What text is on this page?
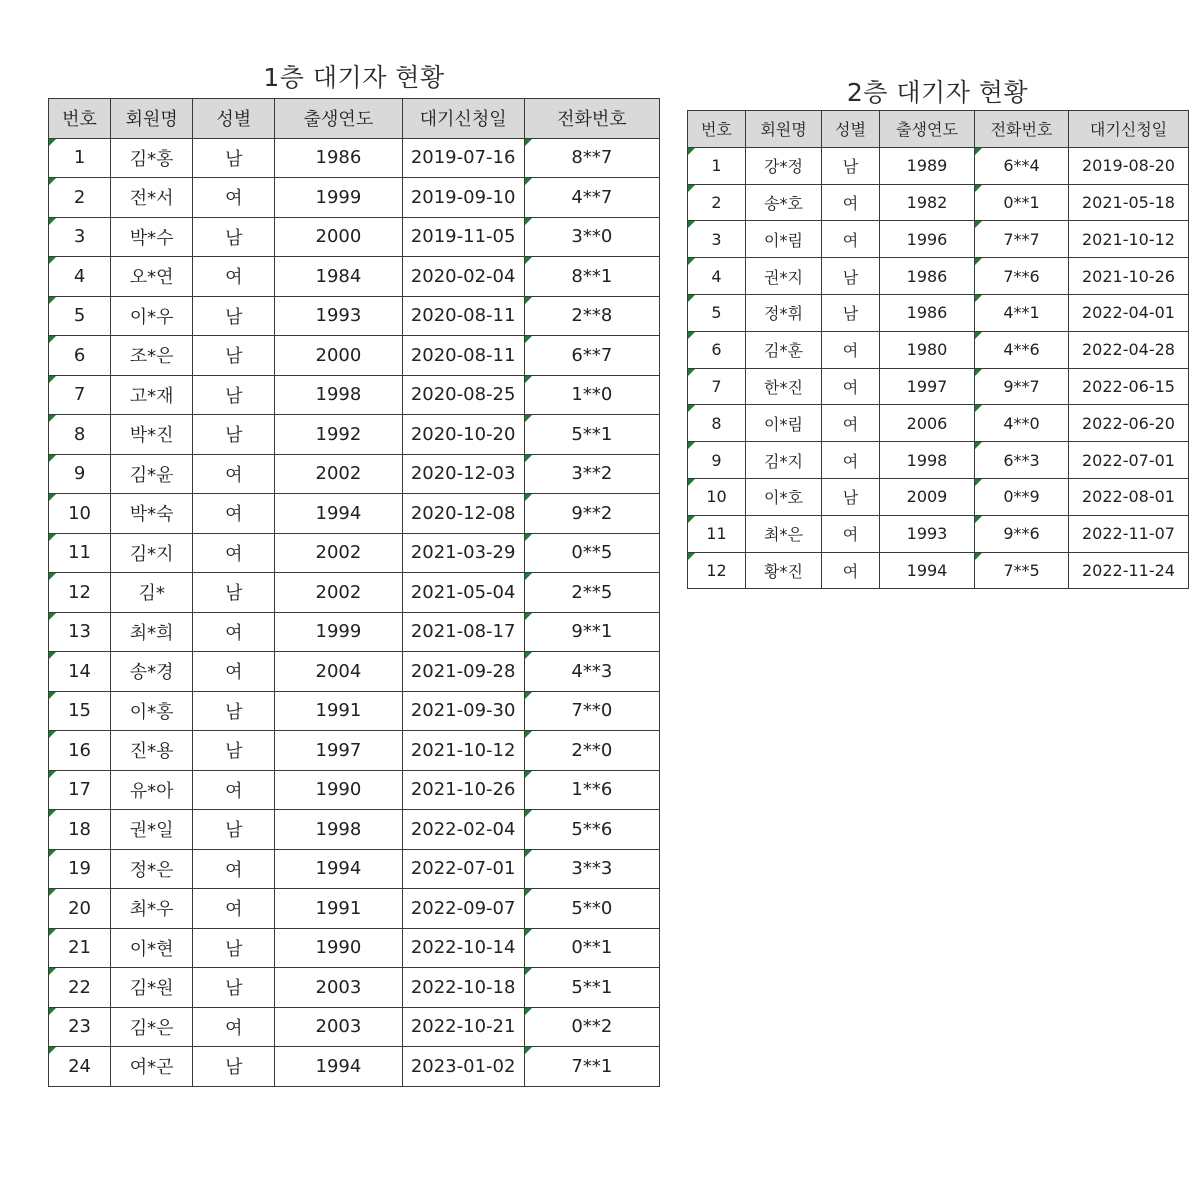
1층 대기자 현황
번호	회원명	성별	출생연도	대기신청일	전화번호
1	김*홍	남	1986	2019-07-16	8**7
2	전*서	여	1999	2019-09-10	4**7
3	박*수	남	2000	2019-11-05	3**0
4	오*연	여	1984	2020-02-04	8**1
5	이*우	남	1993	2020-08-11	2**8
6	조*은	남	2000	2020-08-11	6**7
7	고*재	남	1998	2020-08-25	1**0
8	박*진	남	1992	2020-10-20	5**1
9	김*윤	여	2002	2020-12-03	3**2
10	박*숙	여	1994	2020-12-08	9**2
11	김*지	여	2002	2021-03-29	0**5
12	김*	남	2002	2021-05-04	2**5
13	최*희	여	1999	2021-08-17	9**1
14	송*경	여	2004	2021-09-28	4**3
15	이*홍	남	1991	2021-09-30	7**0
16	진*용	남	1997	2021-10-12	2**0
17	유*아	여	1990	2021-10-26	1**6
18	권*일	남	1998	2022-02-04	5**6
19	정*은	여	1994	2022-07-01	3**3
20	최*우	여	1991	2022-09-07	5**0
21	이*현	남	1990	2022-10-14	0**1
22	김*원	남	2003	2022-10-18	5**1
23	김*은	여	2003	2022-10-21	0**2
24	여*곤	남	1994	2023-01-02	7**1
2층 대기자 현황
번호	회원명	성별	출생연도	전화번호	대기신청일
1	강*정	남	1989	6**4	2019-08-20
2	송*호	여	1982	0**1	2021-05-18
3	이*림	여	1996	7**7	2021-10-12
4	권*지	남	1986	7**6	2021-10-26
5	정*휘	남	1986	4**1	2022-04-01
6	김*훈	여	1980	4**6	2022-04-28
7	한*진	여	1997	9**7	2022-06-15
8	이*림	여	2006	4**0	2022-06-20
9	김*지	여	1998	6**3	2022-07-01
10	이*호	남	2009	0**9	2022-08-01
11	최*은	여	1993	9**6	2022-11-07
12	황*진	여	1994	7**5	2022-11-24
